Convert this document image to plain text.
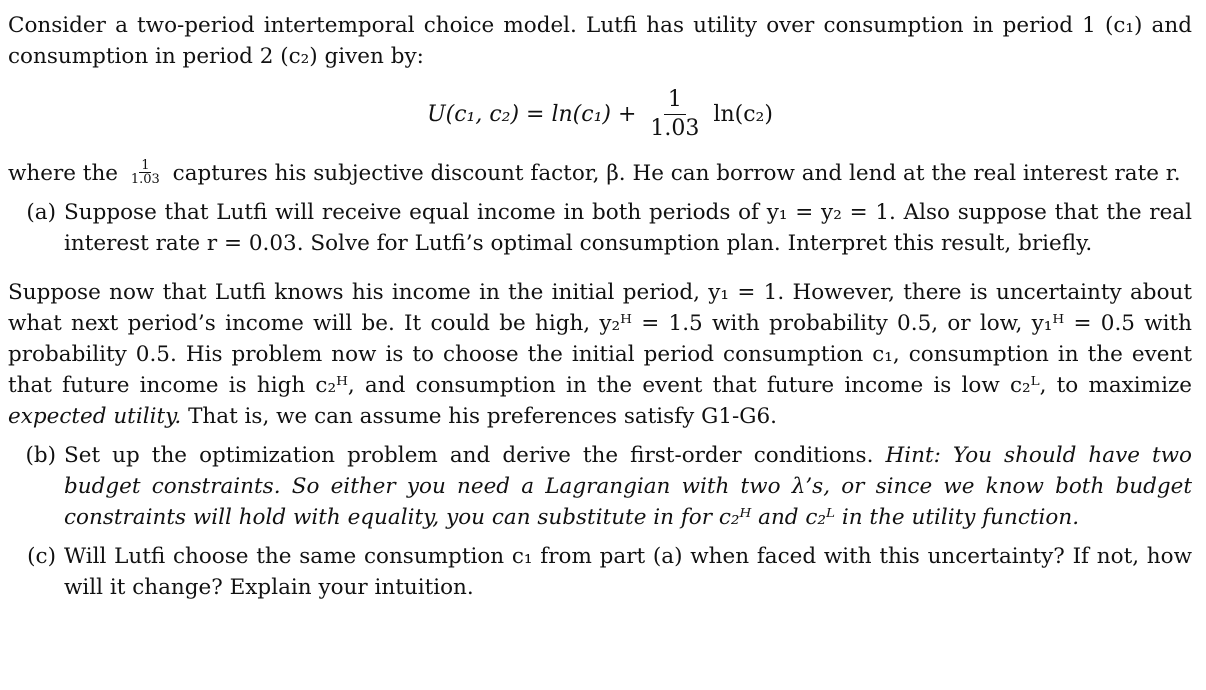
Consider a two-period intertemporal choice model. Lutfi has utility over consumption in period 1 (c₁) and consumption in period 2 (c₂) given by:

U(c₁, $c_2) = \ln(c_1) + \frac{1}{1.03} \ln(c_2)$

where the $\frac{1}{1.03}$ captures his subjective discount factor, β. He can borrow and lend at the real interest rate r.

(a) Suppose that Lutfi will receive equal income in both periods of y₁ = y₂ = 1. Also suppose that the real interest rate r = 0.03. Solve for Lutfi’s optimal consumption plan. Interpret this result, briefly.

Suppose now that Lutfi knows his income in the initial period, y₁ = 1. However, there is uncertainty about what next period’s income will be. It could be high, y₂ᴴ = 1.5 with probability 0.5, or low, y₁ᴴ = 0.5 with probability 0.5. His problem now is to choose the initial period consumption c₁, consumption in the event that future income is high c₂ᴴ, and consumption in the event that future income is low c₂ᴸ, to maximize expected utility. That is, we can assume his preferences satisfy G1-G6.

(b) Set up the optimization problem and derive the first-order conditions. Hint: You should have two budget constraints. So either you need a Lagrangian with two λ’s, or since we know both budget constraints will hold with equality, you can substitute in for c₂ᴴ and c₂ᴸ in the utility function.
(c) Will Lutfi choose the same consumption c₁ from part (a) when faced with this uncertainty? If not, how will it change? Explain your intuition.
